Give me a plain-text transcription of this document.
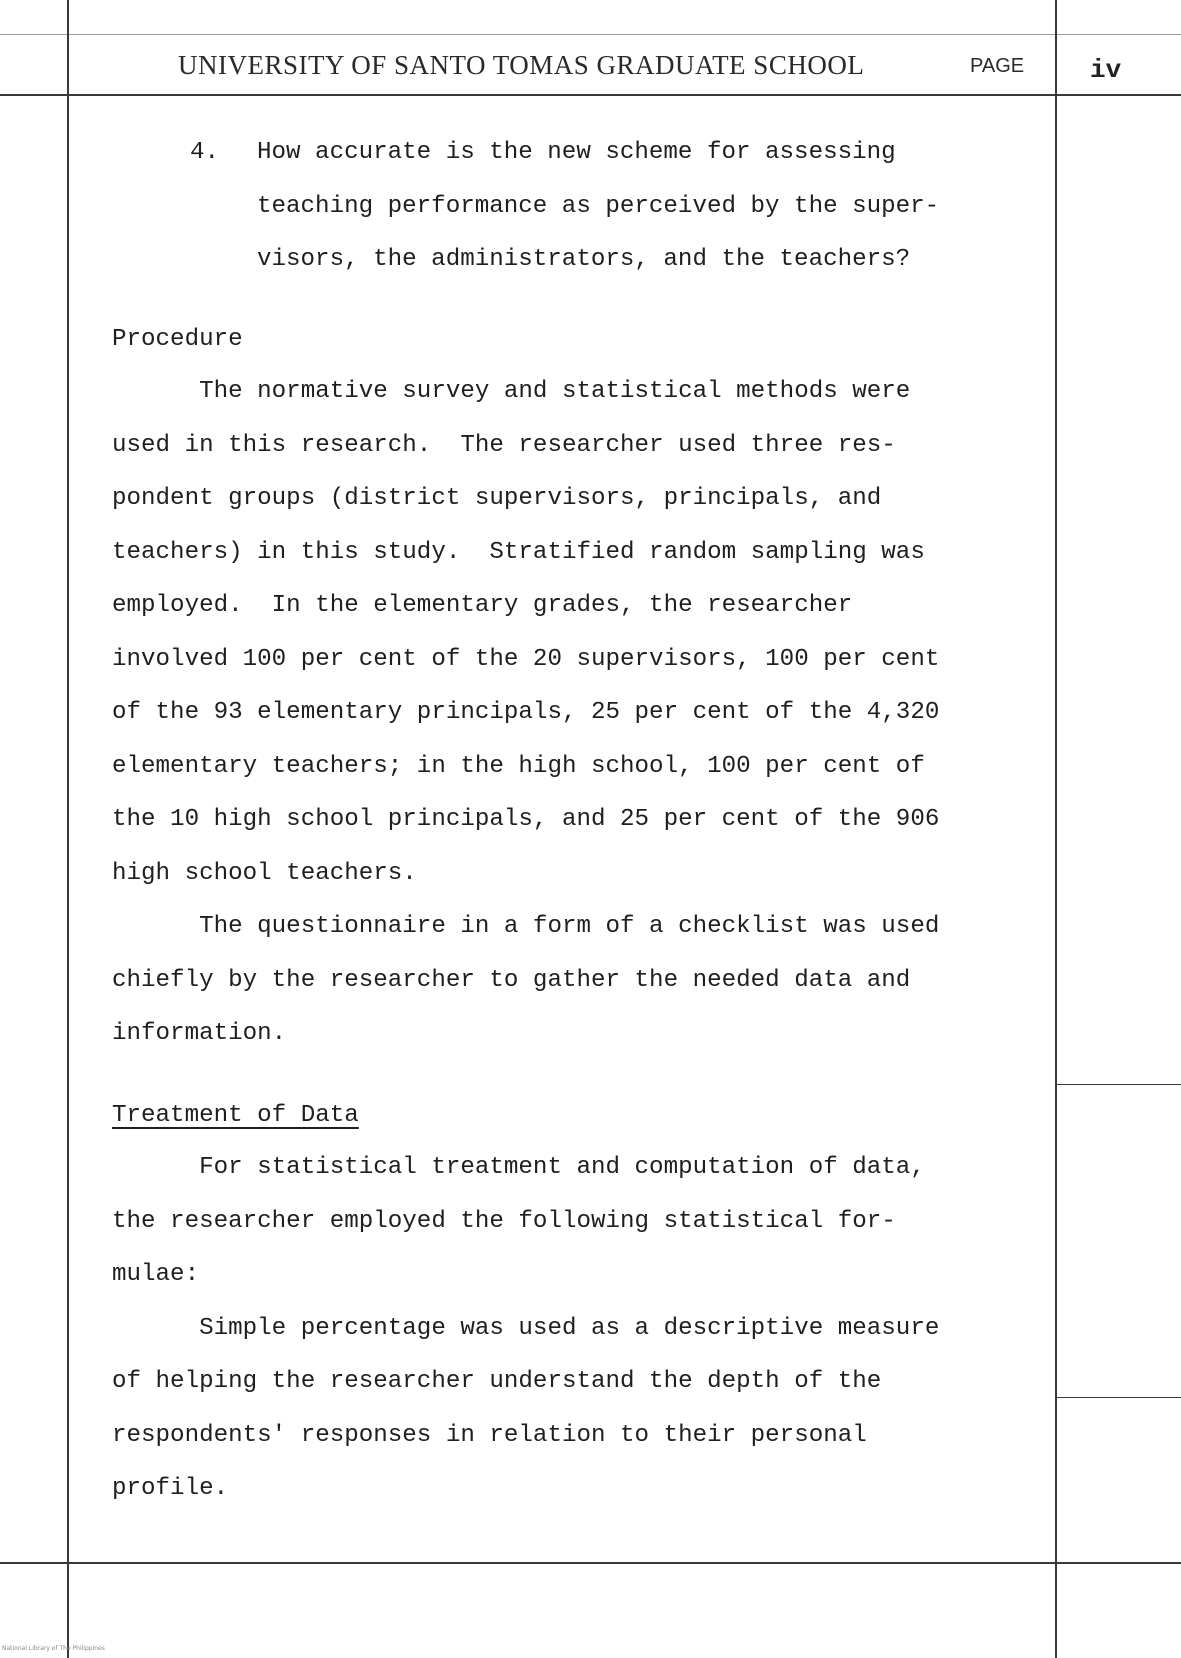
UNIVERSITY OF SANTO TOMAS GRADUATE SCHOOL	PAGE	iv
4. How accurate is the new scheme for assessing
teaching performance as perceived by the super-
visors, the administrators, and the teachers?
Procedure
The normative survey and statistical methods were
used in this research.  The researcher used three res-
pondent groups (district supervisors, principals, and
teachers) in this study.  Stratified random sampling was
employed.  In the elementary grades, the researcher
involved 100 per cent of the 20 supervisors, 100 per cent
of the 93 elementary principals, 25 per cent of the 4,320
elementary teachers; in the high school, 100 per cent of
the 10 high school principals, and 25 per cent of the 906
high school teachers.
The questionnaire in a form of a checklist was used
chiefly by the researcher to gather the needed data and
information.
Treatment of Data
For statistical treatment and computation of data,
the researcher employed the following statistical for-
mulae:
Simple percentage was used as a descriptive measure
of helping the researcher understand the depth of the
respondents' responses in relation to their personal
profile.
National Library of The Philippines
